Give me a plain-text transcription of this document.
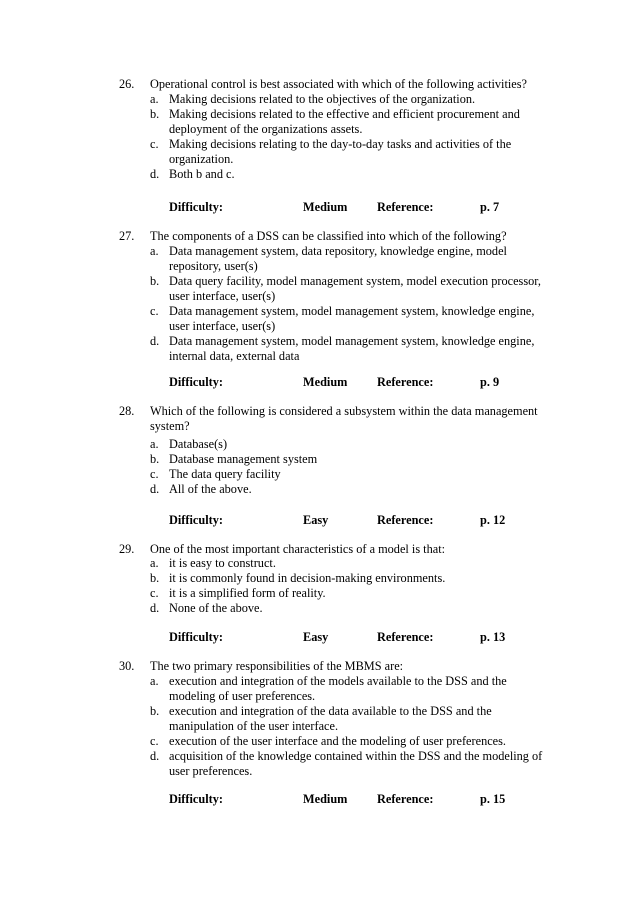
26. Operational control is best associated with which of the following activities?
a. Making decisions related to the objectives of the organization.
b. Making decisions related to the effective and efficient procurement and
deployment of the organizations assets.
c. Making decisions relating to the day-to-day tasks and activities of the
organization.
d. Both b and c.
Difficulty:	Medium Reference:	p. 7
27. The components of a DSS can be classified into which of the following?
a. Data management system, data repository, knowledge engine, model
repository, user(s)
b. Data query facility, model management system, model execution processor,
user interface, user(s)
c. Data management system, model management system, knowledge engine,
user interface, user(s)
d. Data management system, model management system, knowledge engine,
internal data, external data
Difficulty:	Medium Reference:	p. 9
28. Which of the following is considered a subsystem within the data management
system?
a. Database(s)
b. Database management system
c. The data query facility
d. All of the above.
Difficulty:	Easy	Reference:	p. 12
29. One of the most important characteristics of a model is that:
a. it is easy to construct.
b. it is commonly found in decision-making environments.
c. it is a simplified form of reality.
d. None of the above.
Difficulty:	Easy	Reference:	p. 13
30. The two primary responsibilities of the MBMS are:
a. execution and integration of the models available to the DSS and the
modeling of user preferences.
b. execution and integration of the data available to the DSS and the
manipulation of the user interface.
c. execution of the user interface and the modeling of user preferences.
d. acquisition of the knowledge contained within the DSS and the modeling of
user preferences.
Difficulty:	Medium Reference:	p. 15
